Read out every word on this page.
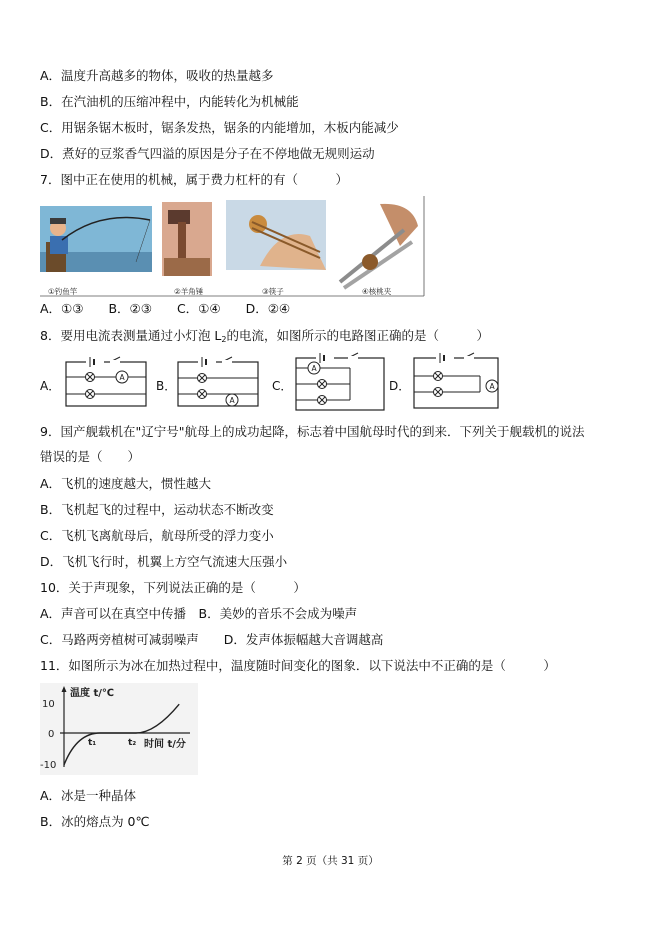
A．温度升高越多的物体，吸收的热量越多
B．在汽油机的压缩冲程中，内能转化为机械能
C．用锯条锯木板时，锯条发热，锯条的内能增加，木板内能减少
D．煮好的豆浆香气四溢的原因是分子在不停地做无规则运动
7．图中正在使用的机械，属于费力杠杆的有（　　　）
①钓鱼竿	②羊角锤	③筷子	④核桃夹
A．①③　　B．②③　　C．①④　　D．②④
8．要用电流表测量通过小灯泡 $L_2$的电流，如图所示的电路图正确的是（　　　）
A．	B．	C．	D．
A
9．国产舰载机在"辽宁号"航母上的成功起降，标志着中国航母时代的到来．下列关于舰载机的说法
错误的是（　　）
A．飞机的速度越大，惯性越大
B．飞机起飞的过程中，运动状态不断改变
C．飞机飞离航母后，航母所受的浮力变小
D．飞机飞行时，机翼上方空气流速大压强小
10．关于声现象，下列说法正确的是（　　　）
A．声音可以在真空中传播　B．美妙的音乐不会成为噪声
C．马路两旁植树可减弱噪声　　D．发声体振幅越大音调越高
11．如图所示为冰在加热过程中，温度随时间变化的图象．以下说法中不正确的是（　　　）
温度 t/℃
时间 t/分
10
0
-10
t₁	t₂
A．冰是一种晶体
B．冰的熔点为 0℃
第 2 页（共 31 页）
